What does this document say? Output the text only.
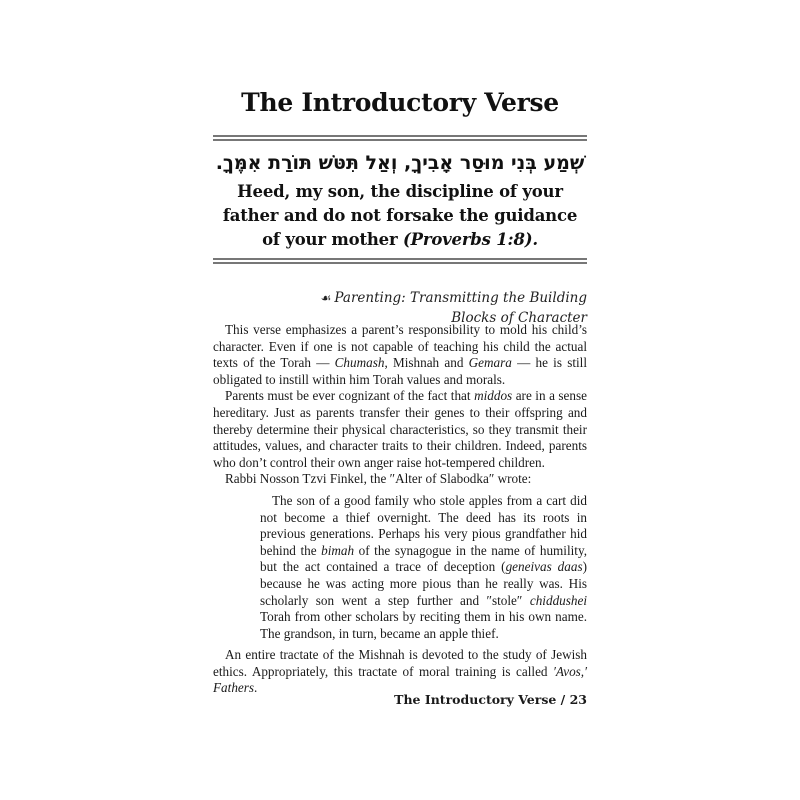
The Introductory Verse
שְׁמַע בְּנִי מוּסַר אָבִיךָ, וְאַל תִּטֹּשׁ תּוֹרַת אִמֶּךָ.
Heed, my son, the discipline of your father and do not forsake the guidance of your mother (Proverbs 1:8).
☙ Parenting: Transmitting the Building Blocks of Character

This verse emphasizes a parent’s responsibility to mold his child’s character. Even if one is not capable of teaching his child the actual texts of the Torah — Chumash, Mishnah and Gemara — he is still obligated to instill within him Torah values and morals.

Parents must be ever cognizant of the fact that middos are in a sense hereditary. Just as parents transfer their genes to their offspring and thereby determine their physical characteristics, so they transmit their attitudes, values, and character traits to their children. Indeed, parents who don’t control their own anger raise hot-tempered children.

Rabbi Nosson Tzvi Finkel, the ″Alter of Slabodka″ wrote:

The son of a good family who stole apples from a cart did not become a thief overnight. The deed has its roots in previous generations. Perhaps his very pious grandfather hid behind the bimah of the synagogue in the name of humility, but the act contained a trace of deception (geneivas daas) because he was acting more pious than he really was. His scholarly son went a step further and ″stole″ chiddushei Torah from other scholars by reciting them in his own name. The grandson, in turn, became an apple thief.

An entire tractate of the Mishnah is devoted to the study of Jewish ethics. Appropriately, this tractate of moral training is called ′Avos,′ Fathers.

The Introductory Verse / 23
